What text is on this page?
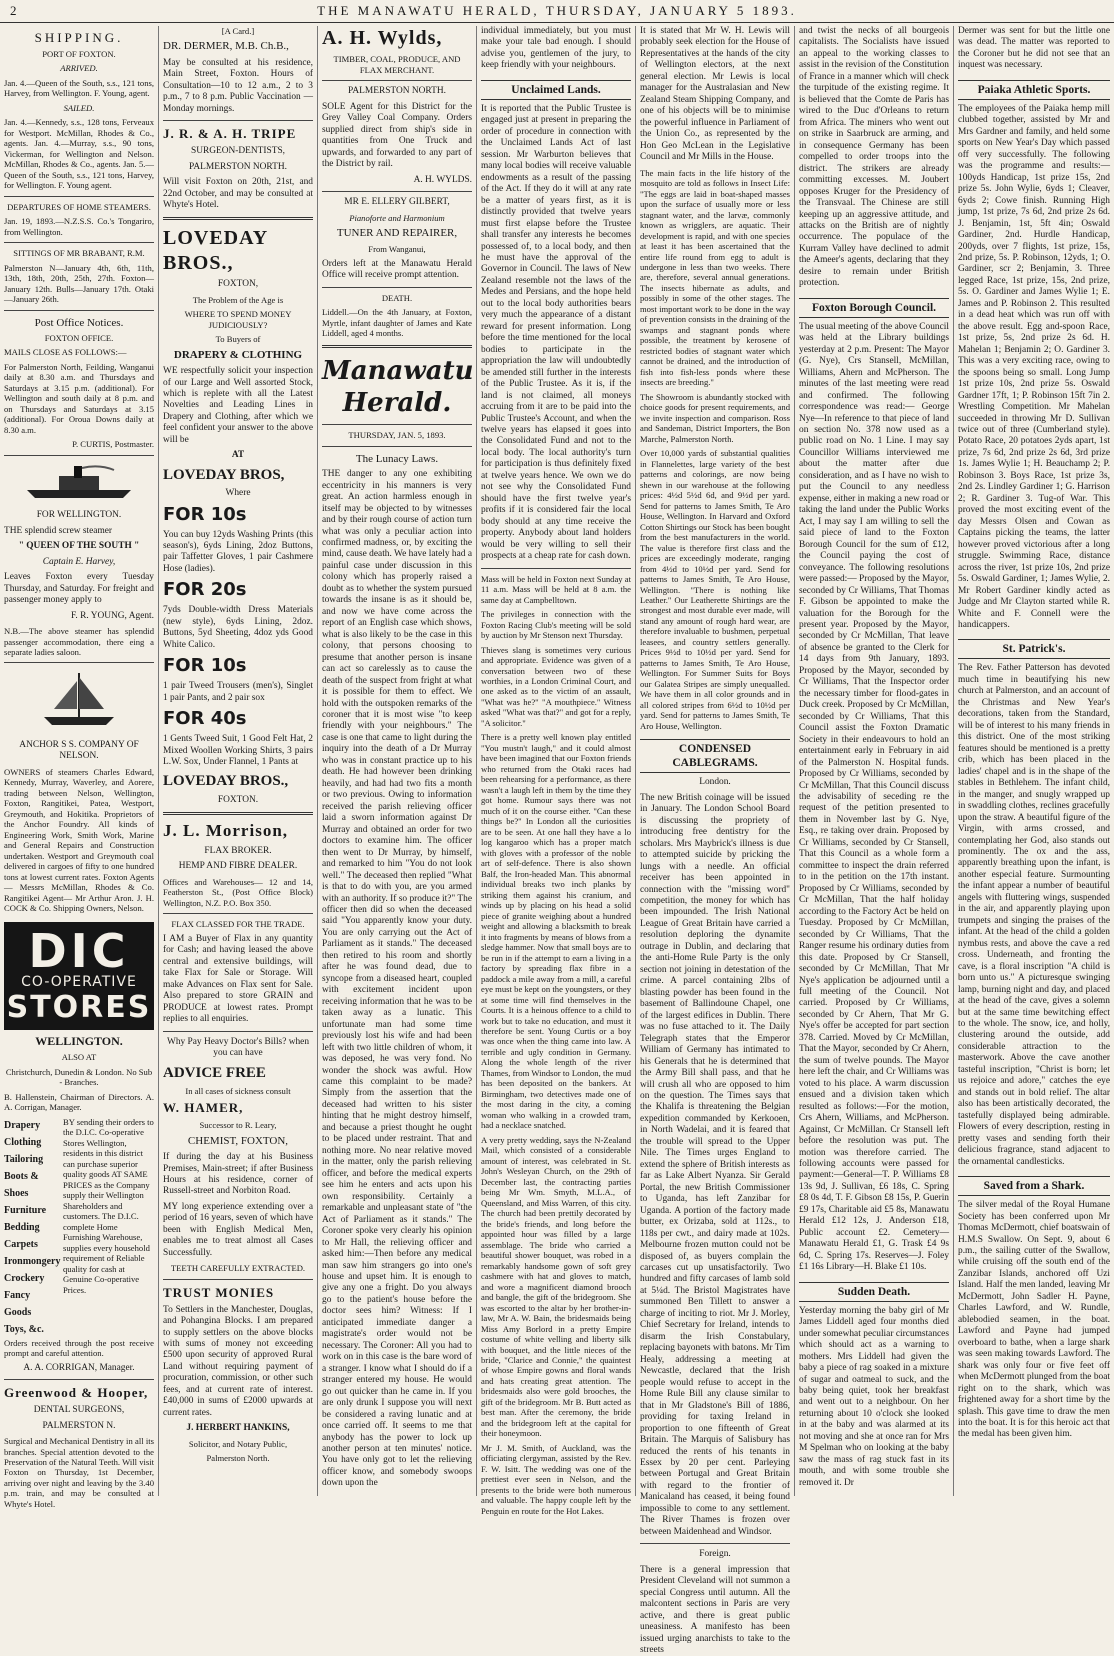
2	THE MANAWATU HERALD, THURSDAY, JANUARY 5 1893.
SHIPPING.

PORT OF FOXTON.

ARRIVED.

Jan. 4.—Queen of the South, s.s., 121 tons, Harvey, from Wellington. F. Young, agent.

SAILED.

Jan. 4.—Kennedy, s.s., 128 tons, Ferveaux for Westport. McMillan, Rhodes & Co., agents. Jan. 4.—Murray, s.s., 90 tons, Vickerman, for Wellington and Nelson. McMillan, Rhodes & Co., agents. Jan. 5.—Queen of the South, s.s., 121 tons, Harvey, for Wellington. F. Young agent.

DEPARTURES OF HOME STEAMERS.

Jan. 19, 1893.—N.Z.S.S. Co.'s Tongariro, from Wellington.

SITTINGS OF MR BRABANT, R.M.

Palmerston N—January 4th, 6th, 11th, 13th, 18th, 20th, 25th, 27th. Foxton—January 12th. Bulls—January 17th. Otaki—January 26th.

Post Office Notices.

FOXTON OFFICE.

MAILS CLOSE AS FOLLOWS:—

For Palmerston North, Feilding, Wanganui daily at 8.30 a.m. and Thursdays and Saturdays at 3.15 p.m. (additional). For Wellington and south daily at 8 p.m. and on Thursdays and Saturdays at 3.15 (additional). For Oroua Downs daily at 8.30 a.m.

P. CURTIS, Postmaster.

FOR WELLINGTON.

THE splendid screw steamer

" QUEEN OF THE SOUTH "

Captain E. Harvey,

Leaves Foxton every Tuesday Thursday, and Saturday. For freight and passenger money apply to

F. R. YOUNG, Agent.

N.B.—The above steamer has splendid passenger accommodation, there eing a separate ladies saloon.

ANCHOR S S. COMPANY OF NELSON.

OWNERS of steamers Charles Edward, Kennedy, Murray, Waverley, and Aorere, trading between Nelson, Wellington, Foxton, Rangitikei, Patea, Westport, Greymouth, and Hokitika. Proprietors of the Anchor Foundry. All kinds of Engineering Work, Smith Work, Marine and General Repairs and Construction undertaken. Westport and Greymouth coal delivered in cargoes of fifty to one hundred tons at lowest current rates. Foxton Agents— Messrs McMillan, Rhodes & Co. Rangitikei Agent— Mr Arthur Aron. J. H. COCK & Co. Shipping Owners, Nelson.

DIC
CO-OPERATIVE
STORES

WELLINGTON.

ALSO AT

Christchurch, Dunedin & London. No Sub - Branches.

B. Hallenstein, Chairman of Directors. A. A. Corrigan, Manager.

Drapery
Clothing
Tailoring
Boots & Shoes
Furniture
Bedding
Carpets
Ironmongery
Crockery
Fancy Goods
Toys, &c.
BY sending their orders to the D.I.C. Co-operative Stores Wellington, residents in this district can purchase superior quality goods AT SAME PRICES as the Company supply their Wellington Shareholders and customers. The D.I.C. complete Home Furnishing Warehouse, supplies every household requirement of Reliable quality for cash at Genuine Co-operative Prices.

Orders received through the post receive prompt and careful attention.

A. A. CORRIGAN, Manager.

Greenwood & Hooper,

DENTAL SURGEONS,

PALMERSTON N.

Surgical and Mechanical Dentistry in all its branches. Special attention devoted to the Preservation of the Natural Teeth. Will visit Foxton on Thursday, 1st December, arriving over night and leaving by the 3.40 p.m. train, and may be consulted at Whyte's Hotel.

[A Card.]

DR. DERMER, M.B. Ch.B.,

May be consulted at his residence, Main Street, Foxton. Hours of Consultation—10 to 12 a.m., 2 to 3 p.m., 7 to 8 p.m. Public Vaccination — Monday mornings.

J. R. & A. H. TRIPE

SURGEON-DENTISTS,

PALMERSTON NORTH.

Will visit Foxton on 20th, 21st, and 22nd October, and may be consulted at Whyte's Hotel.

LOVEDAY BROS.,

FOXTON,

The Problem of the Age is

WHERE TO SPEND MONEY JUDICIOUSLY?

To Buyers of

DRAPERY & CLOTHING

WE respectfully solicit your inspection of our Large and Well assorted Stock, which is replete with all the Latest Novelties and Leading Lines in Drapery and Clothing, after which we feel confident your answer to the above will be

AT

LOVEDAY BROS,

Where

FOR 10s

You can buy 12yds Washing Prints (this season's), 6yds Lining, 2doz Buttons, pair Taffetter Gloves, 1 pair Cashmere Hose (ladies).

FOR 20s

7yds Double-width Dress Materials (new style), 6yds Lining, 2doz. Buttons, 5yd Sheeting, 4doz yds Good White Calico.

FOR 10s

1 pair Tweed Trousers (men's), Singlet 1 pair Pants, and 2 pair sox

FOR 40s

1 Gents Tweed Suit, 1 Good Felt Hat, 2 Mixed Woollen Working Shirts, 3 pairs L.W. Sox, Under Flannel, 1 Pants at

LOVEDAY BROS.,

FOXTON.

J. L. Morrison,

FLAX BROKER.

HEMP AND FIBRE DEALER.

Offices and Warehouses— 12 and 14, Featherston St., (Post Office Block) Wellington, N.Z. P.O. Box 350.

FLAX CLASSED FOR THE TRADE.

I AM a Buyer of Flax in any quantity for Cash; and having leased the above central and extensive buildings, will take Flax for Sale or Storage. Will make Advances on Flax sent for Sale. Also prepared to store GRAIN and PRODUCE at lowest rates. Prompt replies to all enquiries.

Why Pay Heavy Doctor's Bills? when you can have

ADVICE FREE

In all cases of sickness consult

W. HAMER,

Successor to R. Leary,

CHEMIST, FOXTON,

If during the day at his Business Premises, Main-street; if after Business Hours at his residence, corner of Russell-street and Norbiton Road.

MY long experience extending over a period of 16 years, seven of which have been with English Medical Men, enables me to treat almost all Cases Successfully.

TEETH CAREFULLY EXTRACTED.

TRUST MONIES

To Settlers in the Manchester, Douglas, and Pohangina Blocks. I am prepared to supply settlers on the above blocks with sums of money not exceeding £500 upon security of approved Rural Land without requiring payment of procuration, commission, or other such fees, and at current rate of interest. £40,000 in sums of £2000 upwards at current rates.

J. HERBERT HANKINS,

Solicitor, and Notary Public,

Palmerston North.

A. H. Wylds,

TIMBER, COAL, PRODUCE, AND FLAX MERCHANT.

PALMERSTON NORTH.

SOLE Agent for this District for the Grey Valley Coal Company. Orders supplied direct from ship's side in quantities from One Truck and upwards, and forwarded to any part of the District by rail.

A. H. WYLDS.

MR E. ELLERY GILBERT,

Pianoforte and Harmonium

TUNER AND REPAIRER,

From Wanganui,

Orders left at the Manawatu Herald Office will receive prompt attention.

DEATH.

Liddell.—On the 4th January, at Foxton, Myrtle, infant daughter of James and Kate Liddell, aged 4 months.

Manawatu Herald.

THURSDAY, JAN. 5, 1893.

The Lunacy Laws.

THE danger to any one exhibiting eccentricity in his manners is very great. An action harmless enough in itself may be objected to by witnesses and by their rough course of action turn what was only a peculiar action into confirmed madness, or, by exciting the mind, cause death. We have lately had a painful case under discussion in this colony which has properly raised a doubt as to whether the system pursued towards the insane is as it should be, and now we have come across the report of an English case which shows, what is also likely to be the case in this colony, that persons choosing to presume that another person is insane can act so carelessly as to cause the death of the suspect from fright at what it is possible for them to effect. We hold with the outspoken remarks of the coroner that it is most wise "to keep friendly with your neighbours." The case is one that came to light during the inquiry into the death of a Dr Murray who was in constant practice up to his death. He had however been drinking heavily, and had had two fits a month or two previous. Owing to information received the parish relieving officer laid a sworn information against Dr Murray and obtained an order for two doctors to examine him. The officer then went to Dr Murray, by himself, and remarked to him "You do not look well." The deceased then replied "What is that to do with you, are you armed with an authority. If so produce it?" The officer then did so when the deceased said "You apparently know your duty. You are only carrying out the Act of Parliament as it stands." The deceased then retired to his room and shortly after he was found dead, due to syncope from a diseased heart, coupled with excitement incident upon receiving information that he was to be taken away as a lunatic. This unfortunate man had some time previously lost his wife and had been left with two little children of whom, it was deposed, he was very fond. No wonder the shock was awful. How came this complaint to be made? Simply from the assertion that the deceased had written to his sister hinting that he might destroy himself, and because a priest thought he ought to be placed under restraint. That and nothing more. No near relative moved in the matter, only the parish relieving officer, and before the medical experts see him he enters and acts upon his own responsibility. Certainly a remarkable and unpleasant state of "the Act of Parliament as it stands." The Coroner spoke very clearly his opinion to Mr Hall, the relieving officer and asked him:—Then before any medical man saw him strangers go into one's house and upset him. It is enough to give any one a fright. Do you always go to the patient's house before the doctor sees him? Witness: If I anticipated immediate danger a magistrate's order would not be necessary. The Coroner: All you had to work on in this case is the bare word of a stranger. I know what I should do if a stranger entered my house. He would go out quicker than he came in. If you are only drunk I suppose you will next be considered a raving lunatic and at once carried off. It seems to me that anybody has the power to lock up another person at ten minutes' notice. You have only got to let the relieving officer know, and somebody swoops down upon the

individual immediately, but you must make your tale bad enough. I should advise you, gentlemen of the jury, to keep friendly with your neighbours.

Unclaimed Lands.

It is reported that the Public Trustee is engaged just at present in preparing the order of procedure in connection with the Unclaimed Lands Act of last session. Mr Warburton believes that many local bodies will receive valuable endowments as a result of the passing of the Act. If they do it will at any rate be a matter of years first, as it is distinctly provided that twelve years must first elapse before the Trustee shall transfer any interests he becomes possessed of, to a local body, and then he must have the approval of the Governor in Council. The laws of New Zealand resemble not the laws of the Medes and Persians, and the hope held out to the local body authorities bears very much the appearance of a distant reward for present information. Long before the time mentioned for the local bodies to participate in the appropriation the law will undoubtedly be amended still further in the interests of the Public Trustee. As it is, if the land is not claimed, all moneys accruing from it are to be paid into the Public Trustee's Account, and when the twelve years has elapsed it goes into the Consolidated Fund and not to the local body. The local authority's turn for participation is thus definitely fixed at twelve years hence. We own we do not see why the Consolidated Fund should have the first twelve year's profits if it is considered fair the local body should at any time receive the property. Anybody about land holders would be very willing to sell their prospects at a cheap rate for cash down.

Mass will be held in Foxton next Sunday at 11 a.m. Mass will be held at 8 a.m. the same day at Campbelltown.

The privileges in connection with the Foxton Racing Club's meeting will be sold by auction by Mr Stenson next Thursday.

Thieves slang is sometimes very curious and appropriate. Evidence was given of a conversation between two of these worthies, in a London Criminal Court, and one asked as to the victim of an assault, "What was he?" "A mouthpiece." Witness asked "What was that?" and got for a reply, "A solicitor."

There is a pretty well known play entitled "You mustn't laugh," and it could almost have been imagined that our Foxton friends who returned from the Otaki races had been rehearsing for a performance, as there wasn't a laugh left in them by the time they got home. Rumour says there was not much of it on the course either. "Can these things be?" In London all the curiosities are to be seen. At one hall they have a lo log kangaroo which has a proper match with gloves with a professor of the noble art of self-defence. There is also shown Balf, the Iron-headed Man. This abnormal individual breaks two inch planks by striking them against his cranium, and winds up by placing on his head a solid piece of granite weighing about a hundred weight and allowing a blacksmith to break it into fragments by means of blows from a sledge hammer. Now that small boys are to be run in if the attempt to earn a living in a factory by spreading flax fibre in a paddock a mile away from a mill, a careful eye must be kept on the youngsters, or they at some time will find themselves in the Courts. It is a heinous offence to a child to work but to take no education, and must it therefore be sent. Young Curtis or a boy was once when the thing came into law. A terrible and ugly condition in Germany. Along the whole length of the river Thames, from Windsor to London, the mud has been deposited on the bankers. At Birmingham, two detectives made one of the most daring in the city, a coming woman who walking in a crowded tram, had a necklace snatched.

A very pretty wedding, says the N-Zealand Mail, which consisted of a considerable amount of interest, was celebrated in St. John's Wesleyan Church, on the 29th of December last, the contracting parties being Mr Wm. Smyth, M.L.A., of Queensland, and Miss Warren, of this city. The church had been prettily decorated by the bride's friends, and long before the appointed hour was filled by a large assemblage. The bride who carried a beautiful shower bouquet, was robed in a remarkably handsome gown of soft grey cashmere with hat and gloves to match, and wore a magnificent diamond brooch and bangle, the gift of the bridegroom. She was escorted to the altar by her brother-in-law, Mr A. W. Bain, the bridesmaids being Miss Amy Borlord in a pretty Empire costume of white velling and liberty silk with bouquet, and the little nieces of the bride, "Clarice and Connie," the quaintest of whose Empire gowns and floral wands and hats creating great attention. The bridesmaids also were gold brooches, the gift of the bridegroom. Mr B. Butt acted as best man. After the ceremony, the bride and the bridegroom left at the capital for their honeymoon.

Mr J. M. Smith, of Auckland, was the officiating clergyman, assisted by the Rev. F. W. Isitt. The wedding was one of the prettiest ever seen in Nelson, and the presents to the bride were both numerous and valuable. The happy couple left by the Penguin en route for the Hot Lakes.

It is stated that Mr W. H. Lewis will probably seek election for the House of Representatives at the hands of the city of Wellington electors, at the next general election. Mr Lewis is local manager for the Australasian and New Zealand Steam Shipping Company, and one of his objects will be to minimise the powerful influence in Parliament of the Union Co., as represented by the Hon Geo McLean in the Legislative Council and Mr Mills in the House.

The main facts in the life history of the mosquito are told as follows in Insect Life: "The eggs are laid in boat-shaped masses upon the surface of usually more or less stagnant water, and the larvæ, commonly known as wrigglers, are aquatic. Their development is rapid, and with one species at least it has been ascertained that the entire life round from egg to adult is undergone in less than two weeks. There are, therefore, several annual generations. The insects hibernate as adults, and possibly in some of the other stages. The most important work to be done in the way of prevention consists in the draining of the swamps and stagnant ponds where possible, the treatment by kerosene of restricted bodies of stagnant water which cannot be drained, and the introduction of fish into fish-less ponds where these insects are breeding."

The Showroom is abundantly stocked with choice goods for present requirements, and we invite inspection and comparison. Ross and Sandeman, District Importers, the Bon Marche, Palmerston North.

Over 10,000 yards of substantial qualities in Flannelettes, large variety of the best patterns and colorings, are now being shewn in our warehouse at the following prices: 4½d 5½d 6d, and 9½d per yard. Send for patterns to James Smith, Te Aro House, Wellington. In Harvard and Oxford Cotton Shirtings our Stock has been bought from the best manufacturers in the world. The value is therefore first class and the prices are exceedingly moderate, ranging from 4½d to 10½d per yard. Send for patterns to James Smith, Te Aro House, Wellington. "There is nothing like Leather." Our Leatherette Shirtings are the strongest and most durable ever made, will stand any amount of rough hard wear, are therefore invaluable to bushmen, perpetual leasees, and country settlers generally. Prices 9½d to 10½d per yard. Send for patterns to James Smith, Te Aro House, Wellington. For Summer Suits for Boys our Galatea Stripes are simply unequalled. We have them in all color grounds and in all colored stripes from 6½d to 10½d per yard. Send for patterns to James Smith, Te Aro House, Wellington.

CONDENSED CABLEGRAMS.

London.

The new British coinage will be issued in January. The London School Board is discussing the propriety of introducing free dentistry for the scholars. Mrs Maybrick's illness is due to attempted suicide by pricking the lungs with a needle. An official receiver has been appointed in connection with the "missing word" competition, the money for which has been impounded. The Irish National League of Great Britain have carried a resolution deploring the dynamite outrage in Dublin, and declaring that the anti-Home Rule Party is the only section not joining in detestation of the crime. A parcel containing 2lbs of blasting powder has been found in the basement of Ballindoune Chapel, one of the largest edifices in Dublin. There was no fuse attached to it. The Daily Telegraph states that the Emperor William of Germany has intimated to his Generals that he is determined that the Army Bill shall pass, and that he will crush all who are opposed to him on the question. The Times says that the Khalifa is threatening the Belgian expedition commanded by Kerkooen, in North Wadelai, and it is feared that the trouble will spread to the Upper Nile. The Times urges England to extend the sphere of British interests as far as Lake Albert Nyanza. Sir Gerald Portal, the new British Commissioner to Uganda, has left Zanzibar for Uganda. A portion of the factory made butter, ex Orizaba, sold at 112s., to 118s per cwt., and dairy made at 102s. Melbourne frozen mutton could not be disposed of, as buyers complain the carcases cut up unsatisfactorily. Two hundred and fifty carcases of lamb sold at 5¼d. The Bristol Magistrates have summoned Ben Tillett to answer a charge of inciting to riot. Mr J. Morley, Chief Secretary for Ireland, intends to disarm the Irish Constabulary, replacing bayonets with batons. Mr Tim Healy, addressing a meeting at Newcastle, declared that the Irish people would refuse to accept in the Home Rule Bill any clause similar to that in Mr Gladstone's Bill of 1886, providing for taxing Ireland in proportion to one fifteenth of Great Britain. The Marquis of Salisbury has reduced the rents of his tenants in Essex by 20 per cent. Parleying between Portugal and Great Britain with regard to the frontier of Manicaland has ceased, it being found impossible to come to any settlement. The River Thames is frozen over between Maidenhead and Windsor.

Foreign.

There is a general impression that President Cleveland will not summon a special Congress until autumn. All the malcontent sections in Paris are very active, and there is great public uneasiness. A manifesto has been issued urging anarchists to take to the streets

and twist the necks of all bourgeois capitalists. The Socialists have issued an appeal to the working classes to assist in the revision of the Constitution of France in a manner which will check the turpitude of the existing regime. It is believed that the Comte de Paris has wired to the Duc d'Orleans to return from Africa. The miners who went out on strike in Saarbruck are arming, and in consequence Germany has been compelled to order troops into the district. The strikers are already committing excesses. M. Joubert opposes Kruger for the Presidency of the Transvaal. The Chinese are still keeping up an aggressive attitude, and attacks on the British are of nightly occurrence. The populace of the Kurram Valley have declined to admit the Ameer's agents, declaring that they desire to remain under British protection.

Foxton Borough Council.

The usual meeting of the above Council was held at the Library buildings yesterday at 2 p.m. Present: The Mayor (G. Nye), Crs Stansell, McMillan, Williams, Ahern and McPherson. The minutes of the last meeting were read and confirmed. The following correspondence was read:— George Nye—In reference to that piece of land on section No. 378 now used as a public road on No. 1 Line. I may say Councillor Williams interviewed me about the matter after due consideration, and as I have no wish to put the Council to any needless expense, either in making a new road or taking the land under the Public Works Act, I may say I am willing to sell the said piece of land to the Foxton Borough Council for the sum of £12, the Council paying the cost of conveyance. The following resolutions were passed:— Proposed by the Mayor, seconded by Cr Williams, That Thomas F. Gibson be appointed to make the valuation for the Borough for the present year. Proposed by the Mayor, seconded by Cr McMillan, That leave of absence be granted to the Clerk for 14 days from 9th January, 1893. Proposed by the Mayor, seconded by Cr Williams, That the Inspector order the necessary timber for flood-gates in Duck creek. Proposed by Cr McMillan, seconded by Cr Williams, That this Council assist the Foxton Dramatic Society in their endeavours to hold an entertainment early in February in aid of the Palmerston N. Hospital funds. Proposed by Cr Williams, seconded by Cr McMillan, That this Council discuss the advisability of seceding re the request of the petition presented to them in November last by G. Nye, Esq., re taking over drain. Proposed by Cr Williams, seconded by Cr Stansell, That this Council as a whole form a committee to inspect the drain referred to in the petition on the 17th instant. Proposed by Cr Williams, seconded by Cr McMillan, That the half holiday according to the Factory Act be held on Tuesday. Proposed by Cr McMillan, seconded by Cr Williams, That the Ranger resume his ordinary duties from this date. Proposed by Cr Stansell, seconded by Cr McMillan, That Mr Nye's application be adjourned until a full meeting of the Council. Not carried. Proposed by Cr Williams, seconded by Cr Ahern, That Mr G. Nye's offer be accepted for part section 378. Carried. Moved by Cr McMillan, That the Mayor, seconded by Cr Ahern, the sum of twelve pounds. The Mayor here left the chair, and Cr Williams was voted to his place. A warm discussion ensued and a division taken which resulted as follows:—For the motion, Crs Ahern, Williams, and McPherson. Against, Cr McMillan. Cr Stansell left before the resolution was put. The motion was therefore carried. The following accounts were passed for payment:—General—T. P. Williams £8 13s 9d, J. Sullivan, £6 18s, C. Spring £8 0s 4d, T. F. Gibson £8 15s, P. Guerin £9 17s, Charitable aid £5 8s, Manawatu Herald £12 12s, J. Anderson £18, Public account £2. Cemetery—Manawatu Herald £1, G. Trask £4 9s 6d, C. Spring 17s. Reserves—J. Foley £1 16s Library—H. Blake £1 10s.

Sudden Death.

Yesterday morning the baby girl of Mr James Liddell aged four months died under somewhat peculiar circumstances which should act as a warning to mothers. Mrs Liddell had given the baby a piece of rag soaked in a mixture of sugar and oatmeal to suck, and the baby being quiet, took her breakfast and went out to a neighbour. On her returning about 10 o'clock she looked in at the baby and was alarmed at its not moving and she at once ran for Mrs M Spelman who on looking at the baby saw the mass of rag stuck fast in its mouth, and with some trouble she removed it. Dr

Dermer was sent for but the little one was dead. The matter was reported to the Coroner but he did not see that an inquest was necessary.

Paiaka Athletic Sports.

The employees of the Paiaka hemp mill clubbed together, assisted by Mr and Mrs Gardner and family, and held some sports on New Year's Day which passed off very successfully. The following was the programme and results:— 100yds Handicap, 1st prize 15s, 2nd prize 5s. John Wylie, 6yds 1; Cleaver, 6yds 2; Cowe finish. Running High jump, 1st prize, 7s 6d, 2nd prize 2s 6d. J. Benjamin, 1st, 5ft 4in; Oswald Gardiner, 2nd. Hurdle Handicap, 200yds, over 7 flights, 1st prize, 15s, 2nd prize, 5s. P. Robinson, 12yds, 1; O. Gardiner, scr 2; Benjamin, 3. Three legged Race, 1st prize, 15s, 2nd prize, 5s. O. Gardiner and James Wylie 1; E. James and P. Robinson 2. This resulted in a dead heat which was run off with the above result. Egg and-spoon Race, 1st prize, 5s, 2nd prize 2s 6d. H. Mahelan 1; Benjamin 2; O. Gardiner 3. This was a very exciting race, owing to the spoons being so small. Long Jump 1st prize 10s, 2nd prize 5s. Oswald Gardner 17ft, 1; P. Robinson 15ft 7in 2. Wrestling Competition. Mr Mahelan succeeded in throwing Mr D. Sullivan twice out of three (Cumberland style). Potato Race, 20 potatoes 2yds apart, 1st prize, 7s 6d, 2nd prize 2s 6d, 3rd prize 1s. James Wylie 1; H. Beauchamp 2; P. Robinson 3. Boys Race, 1st prize 3s, 2nd 2s. Lindley Gardiner 1; G. Harrison 2; R. Gardiner 3. Tug-of War. This proved the most exciting event of the day Messrs Olsen and Cowan as Captains picking the teams, the latter however proved victorious after a long struggle. Swimming Race, distance across the river, 1st prize 10s, 2nd prize 5s. Oswald Gardiner, 1; James Wylie, 2. Mr Robert Gardiner kindly acted as Judge and Mr Clayton started while R. White and F. Connell were the handicappers.

St. Patrick's.

The Rev. Father Patterson has devoted much time in beautifying his new church at Palmerston, and an account of the Christmas and New Year's decorations, taken from the Standard, will be of interest to his many friends in this district. One of the most striking features should be mentioned is a pretty crib, which has been placed in the ladies' chapel and is in the shape of the stables in Bethlehem. The infant child, in the manger, and snugly wrapped up in swaddling clothes, reclines gracefully upon the straw. A beautiful figure of the Virgin, with arms crossed, and contemplating her God, also stands out prominently. The ox and the ass, apparently breathing upon the infant, is another especial feature. Surmounting the infant appear a number of beautiful angels with fluttering wings, suspended in the air, and apparently playing upon trumpets and singing the praises of the infant. At the head of the child a golden nymbus rests, and above the cave a red cross. Underneath, and fronting the cave, is a floral inscription "A child is born unto us." A picturesque swinging lamp, burning night and day, and placed at the head of the cave, gives a solemn but at the same time bewitching effect to the whole. The snow, ice, and holly, clustering around the outside, add considerable attraction to the masterwork. Above the cave another tasteful inscription, "Christ is born; let us rejoice and adore," catches the eye and stands out in bold relief. The altar also has been artistically decorated, the tastefully displayed being admirable. Flowers of every description, resting in pretty vases and sending forth their delicious fragrance, stand adjacent to the ornamental candlesticks.

Saved from a Shark.

The silver medal of the Royal Humane Society has been conferred upon Mr Thomas McDermott, chief boatswain of H.M.S Swallow. On Sept. 9, about 6 p.m., the sailing cutter of the Swallow, while cruising off the south end of the Zanzibar Islands, anchored off Uzi Island. Half the men landed, leaving Mr McDermott, John Sadler H. Payne, Charles Lawford, and W. Rundle, ablebodied seamen, in the boat. Lawford and Payne had jumped overboard to bathe, when a large shark was seen making towards Lawford. The shark was only four or five feet off when McDermott plunged from the boat right on to the shark, which was frightened away for a short time by the splash. This gave time to draw the men into the boat. It is for this heroic act that the medal has been given him.
